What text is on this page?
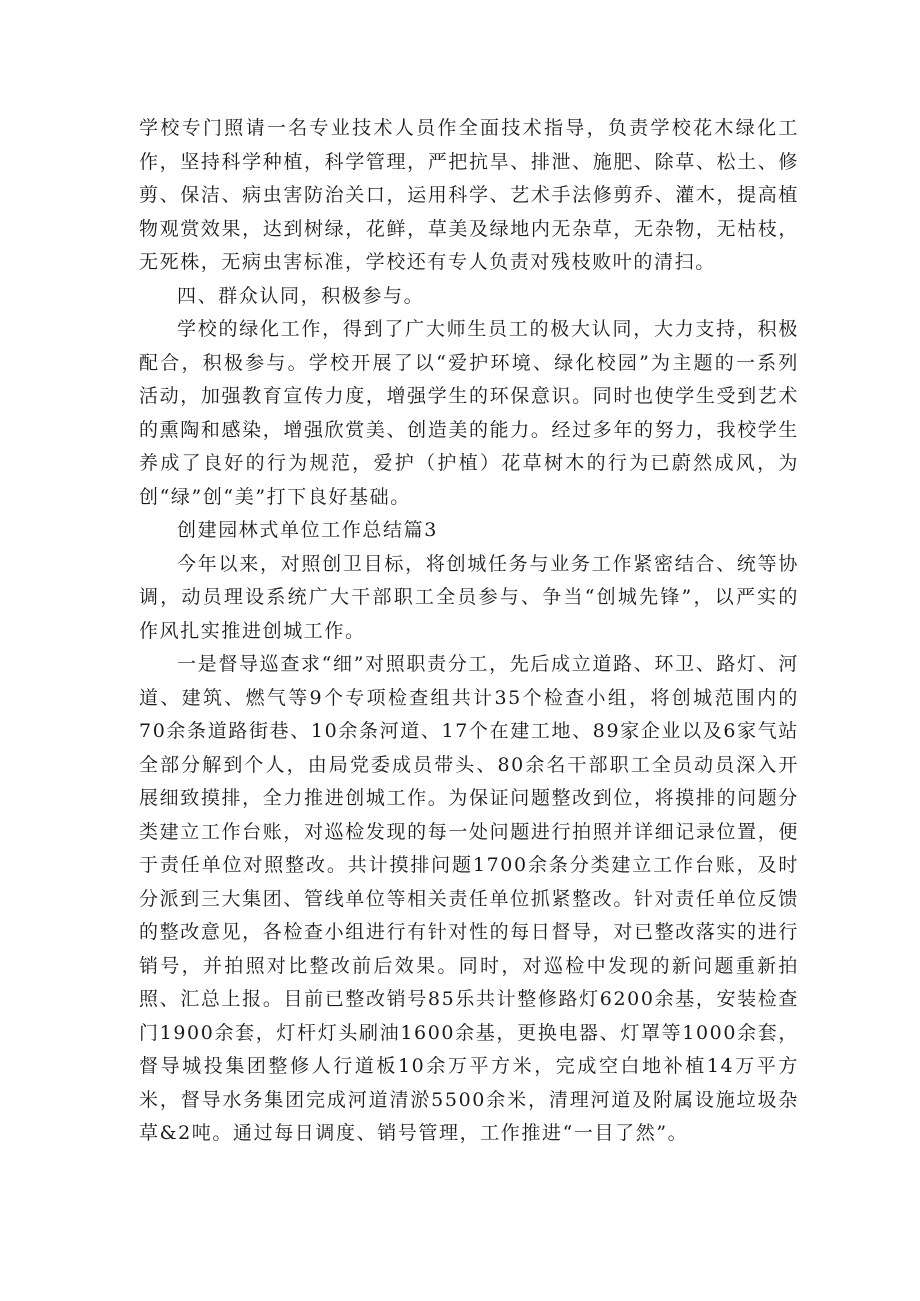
学校专门照请一名专业技术人员作全面技术指导，负责学校花木绿化工作，坚持科学种植，科学管理，严把抗旱、排泄、施肥、除草、松土、修剪、保洁、病虫害防治关口，运用科学、艺术手法修剪乔、灌木，提高植物观赏效果，达到树绿，花鲜，草美及绿地内无杂草，无杂物，无枯枝，无死株，无病虫害标准，学校还有专人负责对残枝败叶的清扫。

四、群众认同，积极参与。

学校的绿化工作，得到了广大师生员工的极大认同，大力支持，积极配合，积极参与。学校开展了以“爱护环境、绿化校园”为主题的一系列活动，加强教育宣传力度，增强学生的环保意识。同时也使学生受到艺术的熏陶和感染，增强欣赏美、创造美的能力。经过多年的努力，我校学生养成了良好的行为规范，爱护（护植）花草树木的行为已蔚然成风，为创“绿”创“美”打下良好基础。

创建园林式单位工作总结篇3

今年以来，对照创卫目标，将创城任务与业务工作紧密结合、统等协调，动员理设系统广大干部职工全员参与、争当“创城先锋”，以严实的作风扎实推进创城工作。

一是督导巡查求“细”对照职责分工，先后成立道路、环卫、路灯、河道、建筑、燃气等9个专项检查组共计35个检查小组，将创城范围内的70余条道路街巷、10余条河道、17个在建工地、89家企业以及6家气站全部分解到个人，由局党委成员带头、80余名干部职工全员动员深入开展细致摸排，全力推进创城工作。为保证问题整改到位，将摸排的问题分类建立工作台账，对巡检发现的每一处问题进行拍照并详细记录位置，便于责任单位对照整改。共计摸排问题1700余条分类建立工作台账，及时分派到三大集团、管线单位等相关责任单位抓紧整改。针对责任单位反馈的整改意见，各检查小组进行有针对性的每日督导，对已整改落实的进行销号，并拍照对比整改前后效果。同时，对巡检中发现的新问题重新拍照、汇总上报。目前已整改销号85乐共计整修路灯6200余基，安装检查门1900余套，灯杆灯头刷油1600余基，更换电器、灯罩等1000余套，督导城投集团整修人行道板10余万平方米，完成空白地补植14万平方米，督导水务集团完成河道清淤5500余米，清理河道及附属设施垃圾杂草&2吨。通过每日调度、销号管理，工作推进“一目了然”。
